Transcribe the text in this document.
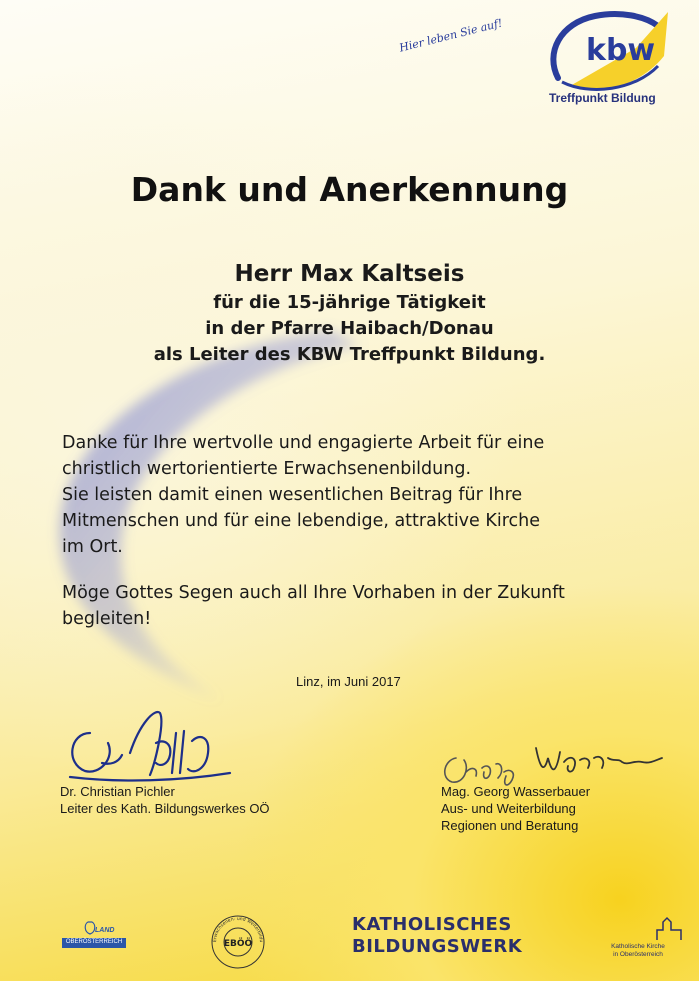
Hier leben Sie auf!	kbw
Treffpunkt Bildung
Dank und Anerkennung
Herr Max Kaltseis
für die 15-jährige Tätigkeit
in der Pfarre Haibach/Donau
als Leiter des KBW Treffpunkt Bildung.
Danke für Ihre wertvolle und engagierte Arbeit für eine
christlich wertorientierte Erwachsenenbildung.
Sie leisten damit einen wesentlichen Beitrag für Ihre
Mitmenschen und für eine lebendige, attraktive Kirche
im Ort.
Möge Gottes Segen auch all Ihre Vorhaben in der Zukunft
begleiten!
Linz, im Juni 2017
Dr. Christian Pichler
Leiter des Kath. Bildungswerkes OÖ
Mag. Georg Wasserbauer
Aus- und Weiterbildung
Regionen und Beratung
LAND
OBERÖSTERREICH	EBÖÖ
Erwachsenen- und Weiterbildu
KATHOLISCHES
BILDUNGSWERK	Katholische Kirche
in Oberösterreich
